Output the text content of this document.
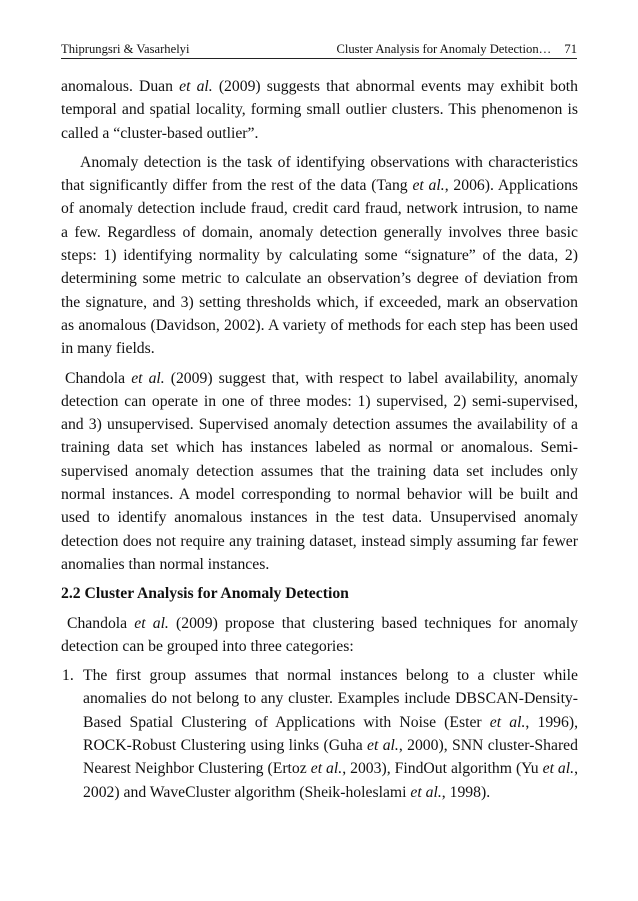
Thiprungsri & Vasarhelyi	Cluster Analysis for Anomaly Detection… 71

anomalous. Duan et al. (2009) suggests that abnormal events may exhibit both temporal and spatial locality, forming small outlier clusters. This phenomenon is called a “cluster-based outlier”.

Anomaly detection is the task of identifying observations with characteristics that significantly differ from the rest of the data (Tang et al., 2006). Applications of anomaly detection include fraud, credit card fraud, network intrusion, to name a few. Regardless of domain, anomaly detection generally involves three basic steps: 1) identifying normality by calculating some “signature” of the data, 2) determining some metric to calculate an observation’s degree of deviation from the signature, and 3) setting thresholds which, if exceeded, mark an observation as anomalous (Davidson, 2002). A variety of methods for each step has been used in many fields.

Chandola et al. (2009) suggest that, with respect to label availability, anomaly detection can operate in one of three modes: 1) supervised, 2) semi-supervised, and 3) unsupervised. Supervised anomaly detection assumes the availability of a training data set which has instances labeled as normal or anomalous. Semi-supervised anomaly detection assumes that the training data set includes only normal instances. A model corresponding to normal behavior will be built and used to identify anomalous instances in the test data. Unsupervised anomaly detection does not require any training dataset, instead simply assuming far fewer anomalies than normal instances.

2.2 Cluster Analysis for Anomaly Detection

Chandola et al. (2009) propose that clustering based techniques for anomaly detection can be grouped into three categories:

1. The first group assumes that normal instances belong to a cluster while anomalies do not belong to any cluster. Examples include DBSCAN-Density-Based Spatial Clustering of Applications with Noise (Ester et al., 1996), ROCK-Robust Clustering using links (Guha et al., 2000), SNN cluster-Shared Nearest Neighbor Clustering (Ertoz et al., 2003), FindOut algorithm (Yu et al., 2002) and WaveCluster algorithm (Sheik-holeslami et al., 1998).
